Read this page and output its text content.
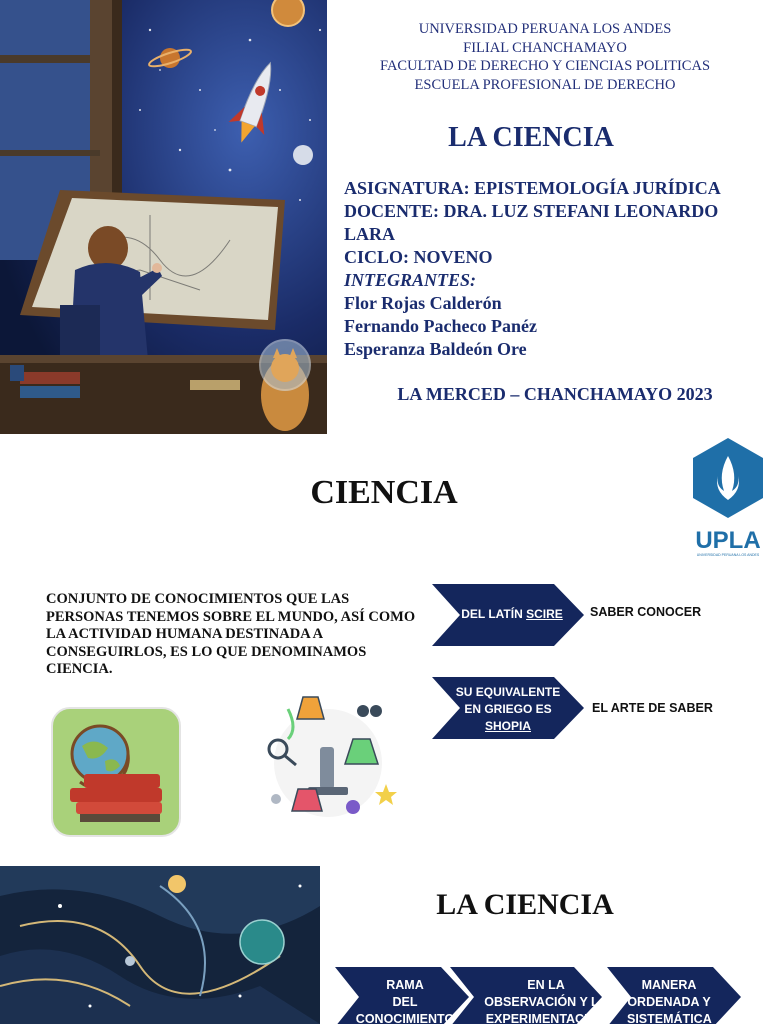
UNIVERSIDAD PERUANA LOS ANDES
FILIAL CHANCHAMAYO
FACULTAD DE DERECHO Y CIENCIAS POLITICAS
ESCUELA PROFESIONAL DE DERECHO
LA CIENCIA
ASIGNATURA: EPISTEMOLOGÍA JURÍDICA
DOCENTE: DRA. LUZ STEFANI LEONARDO LARA
CICLO: NOVENO
INTEGRANTES:
Flor Rojas Calderón
Fernando Pacheco Panéz
Esperanza Baldeón Ore
LA MERCED – CHANCHAMAYO 2023
CIENCIA
UPLA
UNIVERSIDAD PERUANA LOS ANDES
CONJUNTO DE CONOCIMIENTOS QUE LAS PERSONAS TENEMOS SOBRE EL MUNDO, ASÍ COMO LA ACTIVIDAD HUMANA DESTINADA A CONSEGUIRLOS, ES LO QUE DENOMINAMOS CIENCIA.
DEL LATÍN SCIRE	SABER CONOCER
SU EQUIVALENTE
EN GRIEGO ES
SHOPIA
EL ARTE DE SABER
LA CIENCIA
RAMA
DEL
CONOCIMIENTO
EN LA
OBSERVACIÓN Y LA
EXPERIMENTACIÓN
MANERA
ORDENADA Y
SISTEMÁTICA
